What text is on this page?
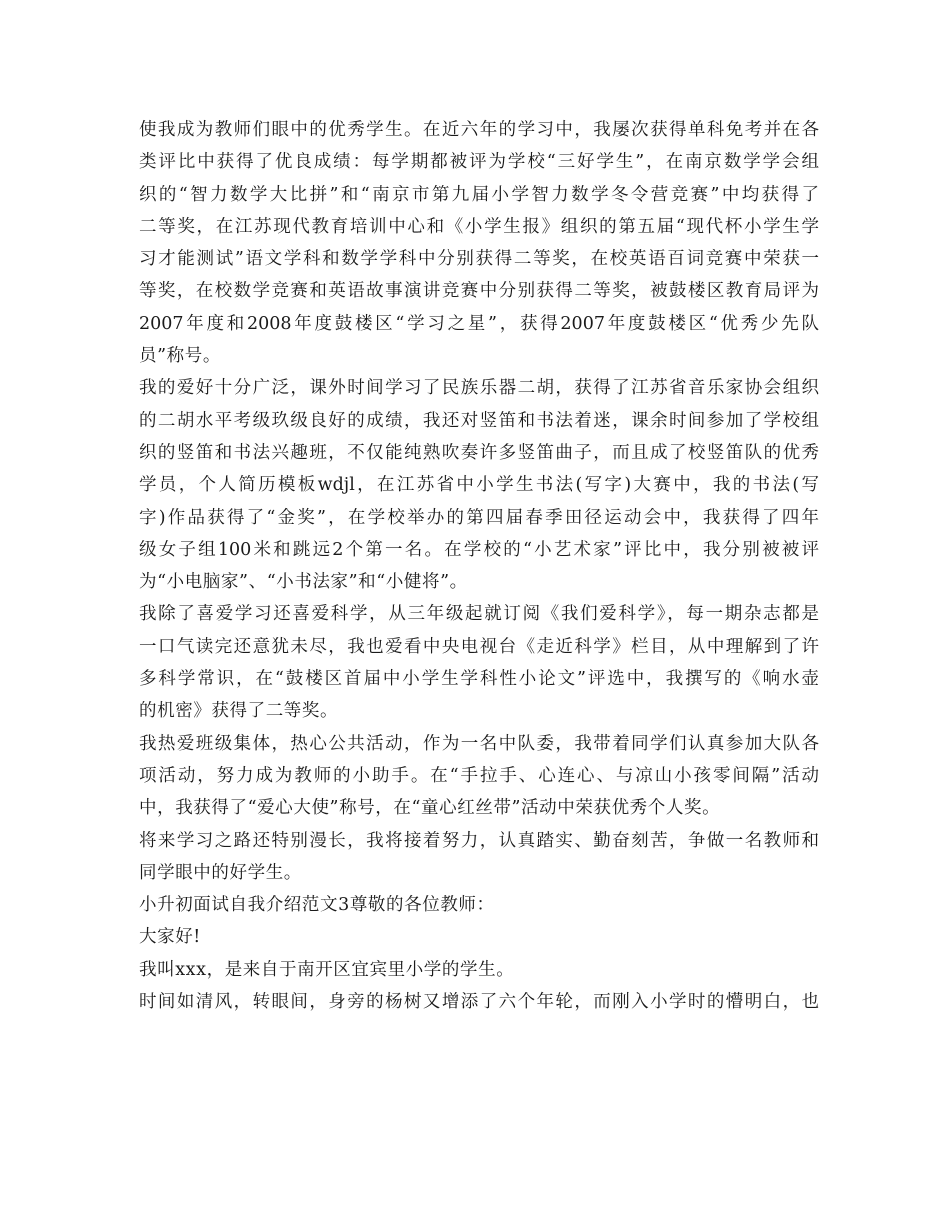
使我成为教师们眼中的优秀学生。在近六年的学习中，我屡次获得单科免考并在各
类评比中获得了优良成绩：每学期都被评为学校“三好学生”，在南京数学学会组
织的“智力数学大比拼”和“南京市第九届小学智力数学冬令营竞赛”中均获得了
二等奖，在江苏现代教育培训中心和《小学生报》组织的第五届“现代杯小学生学
习才能测试”语文学科和数学学科中分别获得二等奖，在校英语百词竞赛中荣获一
等奖，在校数学竞赛和英语故事演讲竞赛中分别获得二等奖，被鼓楼区教育局评为
2007年度和2008年度鼓楼区“学习之星”，获得2007年度鼓楼区“优秀少先队
员”称号。
我的爱好十分广泛，课外时间学习了民族乐器二胡，获得了江苏省音乐家协会组织
的二胡水平考级玖级良好的成绩，我还对竖笛和书法着迷，课余时间参加了学校组
织的竖笛和书法兴趣班，不仅能纯熟吹奏许多竖笛曲子，而且成了校竖笛队的优秀
学员，个人简历模板wdjl，在江苏省中小学生书法(写字)大赛中，我的书法(写
字)作品获得了“金奖”，在学校举办的第四届春季田径运动会中，我获得了四年
级女子组100米和跳远2个第一名。在学校的“小艺术家”评比中，我分别被被评
为“小电脑家”、“小书法家”和“小健将”。
我除了喜爱学习还喜爱科学，从三年级起就订阅《我们爱科学》，每一期杂志都是
一口气读完还意犹未尽，我也爱看中央电视台《走近科学》栏目，从中理解到了许
多科学常识，在“鼓楼区首届中小学生学科性小论文”评选中，我撰写的《响水壶
的机密》获得了二等奖。
我热爱班级集体，热心公共活动，作为一名中队委，我带着同学们认真参加大队各
项活动，努力成为教师的小助手。在“手拉手、心连心、与凉山小孩零间隔”活动
中，我获得了“爱心大使”称号，在“童心红丝带”活动中荣获优秀个人奖。
将来学习之路还特别漫长，我将接着努力，认真踏实、勤奋刻苦，争做一名教师和
同学眼中的好学生。
小升初面试自我介绍范文3尊敬的各位教师：
大家好!
我叫xxx，是来自于南开区宜宾里小学的学生。
时间如清风，转眼间，身旁的杨树又增添了六个年轮，而刚入小学时的懵明白，也
